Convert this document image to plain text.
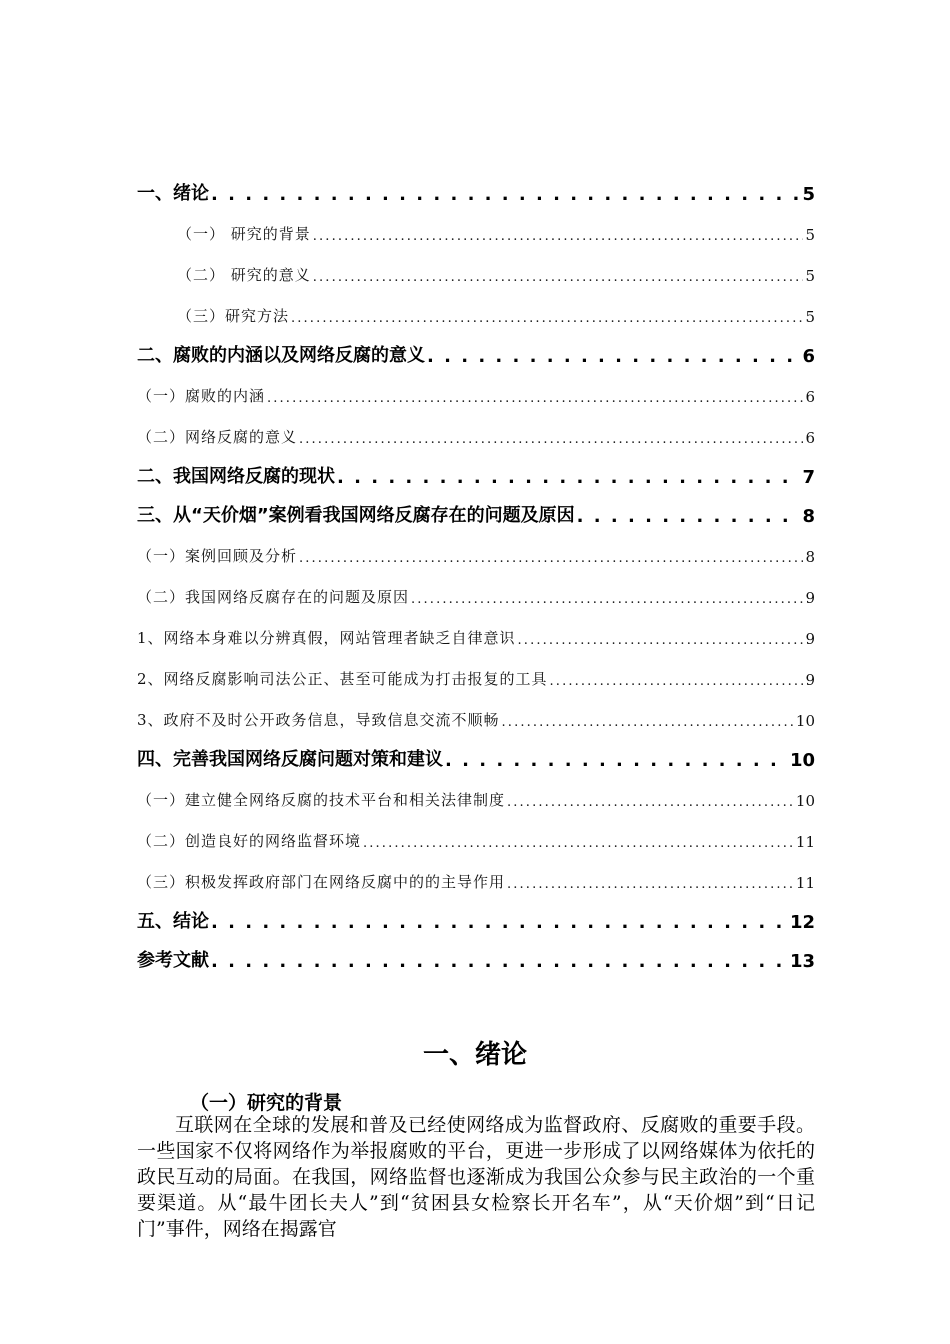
一、绪论 . . .	5
（一） 研究的背景 . . .	5
（二） 研究的意义 . . .	5
（三）研究方法 . . .	5
二、腐败的内涵以及网络反腐的意义 . . .	6
（一）腐败的内涵 . . .	6
（二）网络反腐的意义 . . .	6
二、我国网络反腐的现状 . . .	7
三、从“天价烟”案例看我国网络反腐存在的问题及原因 . . .	8
（一）案例回顾及分析 . . .	8
（二）我国网络反腐存在的问题及原因 . . .	9
1、网络本身难以分辨真假，网站管理者缺乏自律意识 . . .	9
2、网络反腐影响司法公正、甚至可能成为打击报复的工具 . . .	9
3、政府不及时公开政务信息，导致信息交流不顺畅 . . .	10
四、完善我国网络反腐问题对策和建议 . . .	10
（一）建立健全网络反腐的技术平台和相关法律制度 . . .	10
（二）创造良好的网络监督环境 . . .	11
（三）积极发挥政府部门在网络反腐中的的主导作用 . . .	11
五、结论 . . .	12
参考文献 . . .	13
一、绪论
（一）研究的背景

互联网在全球的发展和普及已经使网络成为监督政府、反腐败的重要手段。一些国家不仅将网络作为举报腐败的平台，更进一步形成了以网络媒体为依托的政民互动的局面。在我国，网络监督也逐渐成为我国公众参与民主政治的一个重要渠道。从“最牛团长夫人”到“贫困县女检察长开名车”，从“天价烟”到“日记门”事件，网络在揭露官
